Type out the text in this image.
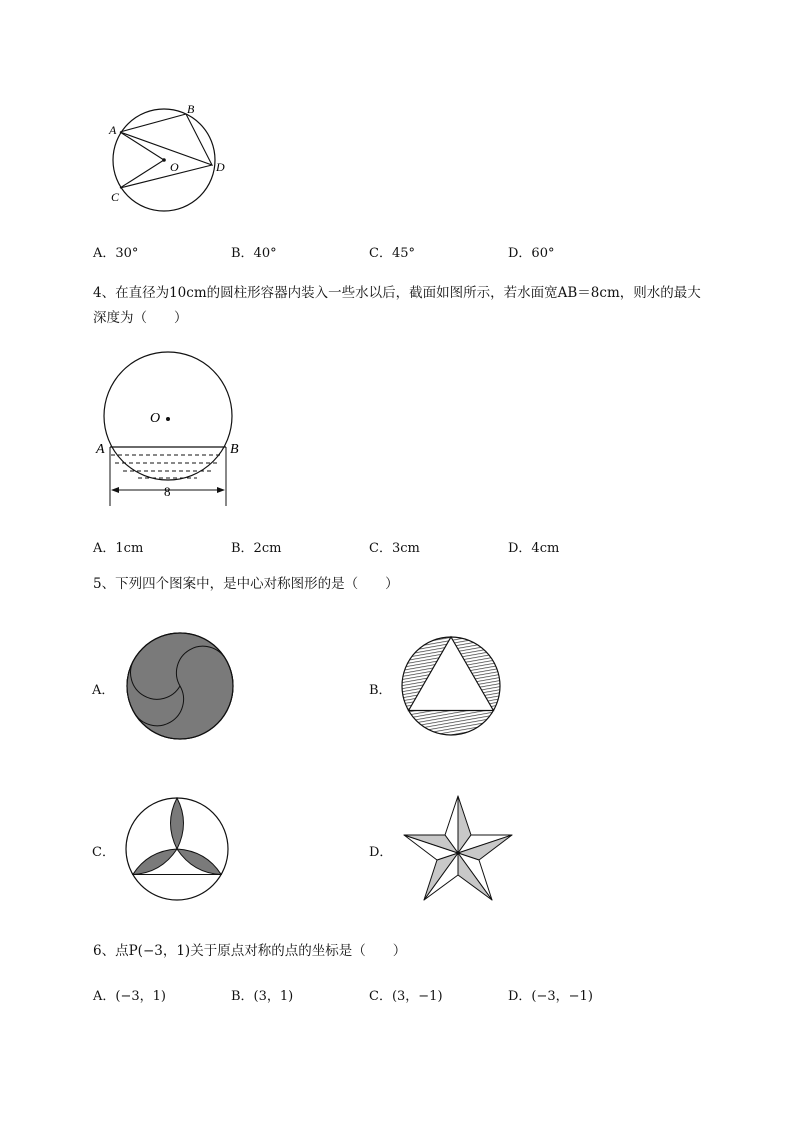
A
B
C
D
O
A．30°	B．40°	C．45°	D．60°
4、在直径为10cm的圆柱形容器内装入一些水以后，截面如图所示，若水面宽AB＝8cm，则水的最大
深度为（　　）
O
A	B
8
A．1cm	B．2cm	C．3cm	D．4cm
5、下列四个图案中，是中心对称图形的是（　　）
A．	B．
C．	D．
6、点P(−3，1)关于原点对称的点的坐标是（　　）
A．(−3，1)	B．(3，1)	C．(3，−1)	D．(−3，−1)
